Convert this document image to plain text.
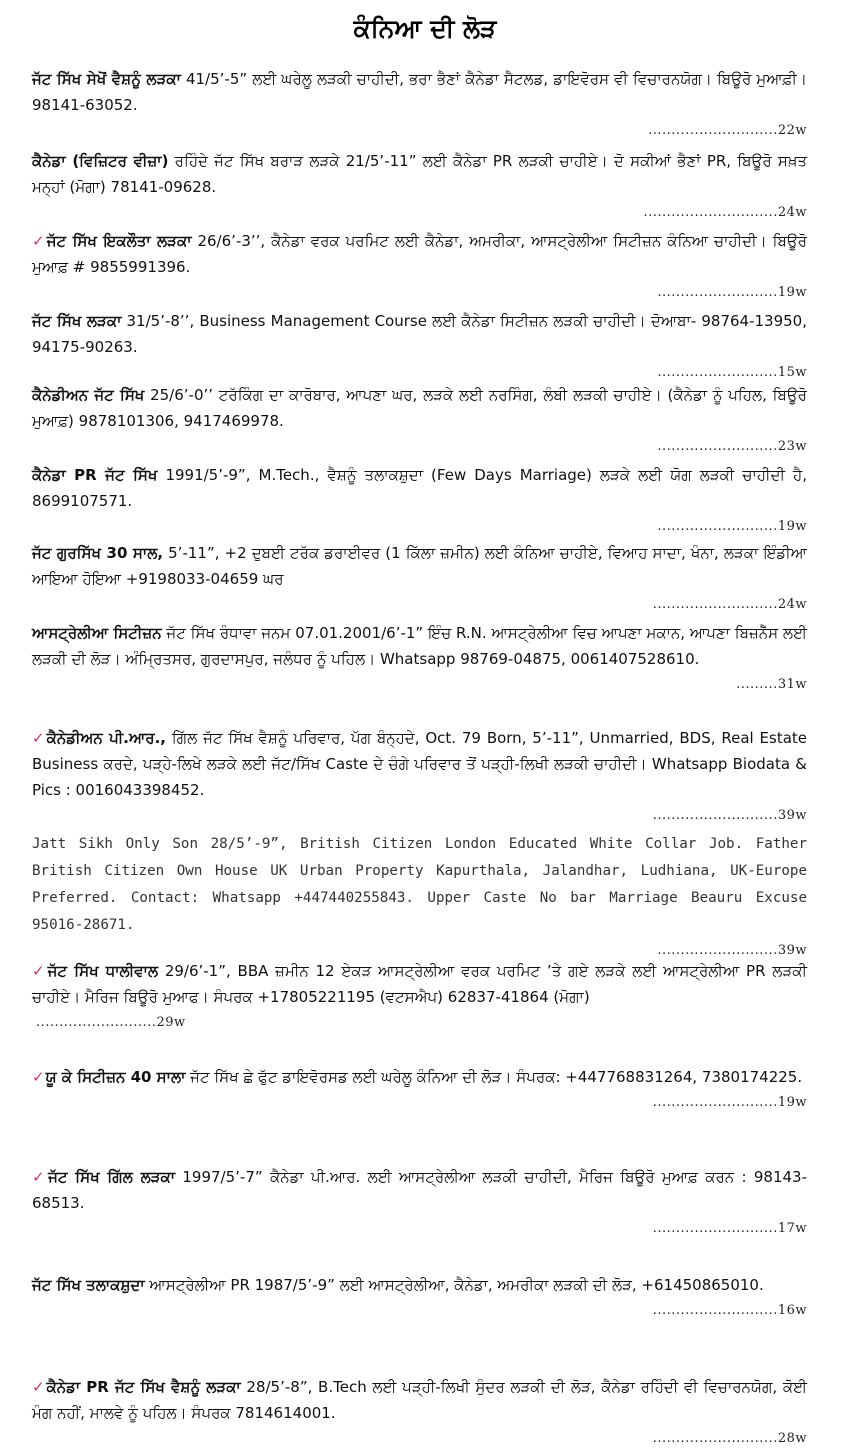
ਕੰਨਿਆ ਦੀ ਲੋੜ
ਜੱਟ ਸਿੱਖ ਸੇਖੋਂ ਵੈਸ਼ਨੂੰ ਲੜਕਾ 41/5’-5” ਲਈ ਘਰੇਲੂ ਲੜਕੀ ਚਾਹੀਦੀ, ਭਰਾ ਭੈਣਾਂ ਕੈਨੇਡਾ ਸੈਟਲਡ, ਡਾਇਵੋਰਸ ਵੀ ਵਿਚਾਰਨਯੋਗ। ਬਿਊਰੋ ਮੁਆਫ਼ੀ। 98141-63052.
............................22w
ਕੈਨੇਡਾ (ਵਿਜ਼ਿਟਰ ਵੀਜ਼ਾ) ਰਹਿੰਦੇ ਜੱਟ ਸਿੱਖ ਬਰਾੜ ਲੜਕੇ 21/5’-11” ਲਈ ਕੈਨੇਡਾ PR ਲੜਕੀ ਚਾਹੀਏ। ਦੋ ਸਕੀਆਂ ਭੈਣਾਂ PR, ਬਿਊਰੋ ਸਖ਼ਤ ਮਨ੍ਹਾਂ (ਮੋਗਾ) 78141-09628.
.............................24w
✓ਜੱਟ ਸਿੱਖ ਇਕਲੌਤਾ ਲੜਕਾ 26/6’-3’’, ਕੈਨੇਡਾ ਵਰਕ ਪਰਮਿਟ ਲਈ ਕੈਨੇਡਾ, ਅਮਰੀਕਾ, ਆਸਟ੍ਰੇਲੀਆ ਸਿਟੀਜ਼ਨ ਕੰਨਿਆ ਚਾਹੀਦੀ। ਬਿਊਰੋ ਮੁਆਫ਼ # 9855991396.
..........................19w
ਜੱਟ ਸਿੱਖ ਲੜਕਾ 31/5’-8’’, Business Management Course ਲਈ ਕੈਨੇਡਾ ਸਿਟੀਜ਼ਨ ਲੜਕੀ ਚਾਹੀਦੀ। ਦੋਆਬਾ- 98764-13950, 94175-90263.
..........................15w
ਕੈਨੇਡੀਅਨ ਜੱਟ ਸਿੱਖ 25/6’-0’’ ਟਰੱਕਿੰਗ ਦਾ ਕਾਰੋਬਾਰ, ਆਪਣਾ ਘਰ, ਲੜਕੇ ਲਈ ਨਰਸਿੰਗ, ਲੰਬੀ ਲੜਕੀ ਚਾਹੀਏ। (ਕੈਨੇਡਾ ਨੂੰ ਪਹਿਲ, ਬਿਊਰੋ ਮੁਆਫ਼) 9878101306, 9417469978.
..........................23w
ਕੈਨੇਡਾ PR ਜੱਟ ਸਿੱਖ 1991/5’-9”, M.Tech., ਵੈਸ਼ਨੂੰ ਤਲਾਕਸ਼ੁਦਾ (Few Days Marriage) ਲੜਕੇ ਲਈ ਯੋਗ ਲੜਕੀ ਚਾਹੀਦੀ ਹੈ, 8699107571.
..........................19w
ਜੱਟ ਗੁਰਸਿੱਖ 30 ਸਾਲ, 5’-11”, +2 ਦੁਬਈ ਟਰੱਕ ਡਰਾਈਵਰ (1 ਕਿੱਲਾ ਜ਼ਮੀਨ) ਲਈ ਕੰਨਿਆ ਚਾਹੀਏ, ਵਿਆਹ ਸਾਦਾ, ਖੰਨਾ, ਲੜਕਾ ਇੰਡੀਆ ਆਇਆ ਹੋਇਆ +9198033-04659 ਘਰ
...........................24w
ਆਸਟ੍ਰੇਲੀਆ ਸਿਟੀਜ਼ਨ ਜੱਟ ਸਿੱਖ ਰੰਧਾਵਾ ਜਨਮ 07.01.2001/6’-1” ਇੰਚ R.N. ਆਸਟ੍ਰੇਲੀਆ ਵਿਚ ਆਪਣਾ ਮਕਾਨ, ਆਪਣਾ ਬਿਜ਼ਨੈੱਸ ਲਈ ਲੜਕੀ ਦੀ ਲੋੜ। ਅੰਮ੍ਰਿਤਸਰ, ਗੁਰਦਾਸਪੁਰ, ਜਲੰਧਰ ਨੂੰ ਪਹਿਲ। Whatsapp 98769-04875, 0061407528610.
.........31w
✓ਕੈਨੇਡੀਅਨ ਪੀ.ਆਰ., ਗਿੱਲ ਜੱਟ ਸਿੱਖ ਵੈਸ਼ਨੂੰ ਪਰਿਵਾਰ, ਪੱਗ ਬੰਨ੍ਹਦੇ, Oct. 79 Born, 5’-11”, Unmarried, BDS, Real Estate Business ਕਰਦੇ, ਪੜ੍ਹੇ-ਲਿਖੇ ਲੜਕੇ ਲਈ ਜੱਟ/ਸਿੱਖ Caste ਦੇ ਚੰਗੇ ਪਰਿਵਾਰ ਤੋਂ ਪੜ੍ਹੀ-ਲਿਖੀ ਲੜਕੀ ਚਾਹੀਦੀ। Whatsapp Biodata & Pics : 0016043398452.
...........................39w
Jatt Sikh Only Son 28/5’-9”, British Citizen London Educated White Collar Job. Father British Citizen Own House UK Urban Property Kapurthala, Jalandhar, Ludhiana, UK-Europe Preferred. Contact: Whatsapp +447440255843. Upper Caste No bar Marriage Beauru Excuse 95016-28671.
..........................39w
✓ਜੱਟ ਸਿੱਖ ਧਾਲੀਵਾਲ 29/6’-1”, BBA ਜ਼ਮੀਨ 12 ਏਕੜ ਆਸਟ੍ਰੇਲੀਆ ਵਰਕ ਪਰਮਿਟ ’ਤੇ ਗਏ ਲੜਕੇ ਲਈ ਆਸਟ੍ਰੇਲੀਆ PR ਲੜਕੀ ਚਾਹੀਏ। ਮੈਰਿਜ ਬਿਊਰੋ ਮੁਆਫ। ਸੰਪਰਕ +17805221195 (ਵਟਸਐਪ) 62837-41864 (ਮੋਗਾ)
..........................29w
✓ਯੂ ਕੇ ਸਿਟੀਜ਼ਨ 40 ਸਾਲਾ ਜੱਟ ਸਿੱਖ ਛੇ ਫੁੱਟ ਡਾਇਵੋਰਸਡ ਲਈ ਘਰੇਲੂ ਕੰਨਿਆ ਦੀ ਲੋੜ। ਸੰਪਰਕ: +447768831264, 7380174225.
...........................19w
✓ਜੱਟ ਸਿੱਖ ਗਿੱਲ ਲੜਕਾ 1997/5’-7” ਕੈਨੇਡਾ ਪੀ.ਆਰ. ਲਈ ਆਸਟ੍ਰੇਲੀਆ ਲੜਕੀ ਚਾਹੀਦੀ, ਮੈਰਿਜ ਬਿਊਰੋ ਮੁਆਫ਼ ਕਰਨ : 98143-68513.
...........................17w
ਜੱਟ ਸਿੱਖ ਤਲਾਕਸ਼ੁਦਾ ਆਸਟ੍ਰੇਲੀਆ PR 1987/5’-9” ਲਈ ਆਸਟ੍ਰੇਲੀਆ, ਕੈਨੇਡਾ, ਅਮਰੀਕਾ ਲੜਕੀ ਦੀ ਲੋੜ, +61450865010.
...........................16w
✓ਕੈਨੇਡਾ PR ਜੱਟ ਸਿੱਖ ਵੈਸ਼ਨੂੰ ਲੜਕਾ 28/5’-8”, B.Tech ਲਈ ਪੜ੍ਹੀ-ਲਿਖੀ ਸੁੰਦਰ ਲੜਕੀ ਦੀ ਲੋੜ, ਕੈਨੇਡਾ ਰਹਿੰਦੀ ਵੀ ਵਿਚਾਰਨਯੋਗ, ਕੋਈ ਮੰਗ ਨਹੀਂ, ਮਾਲਵੇ ਨੂੰ ਪਹਿਲ। ਸੰਪਰਕ 7814614001.
...........................28w
